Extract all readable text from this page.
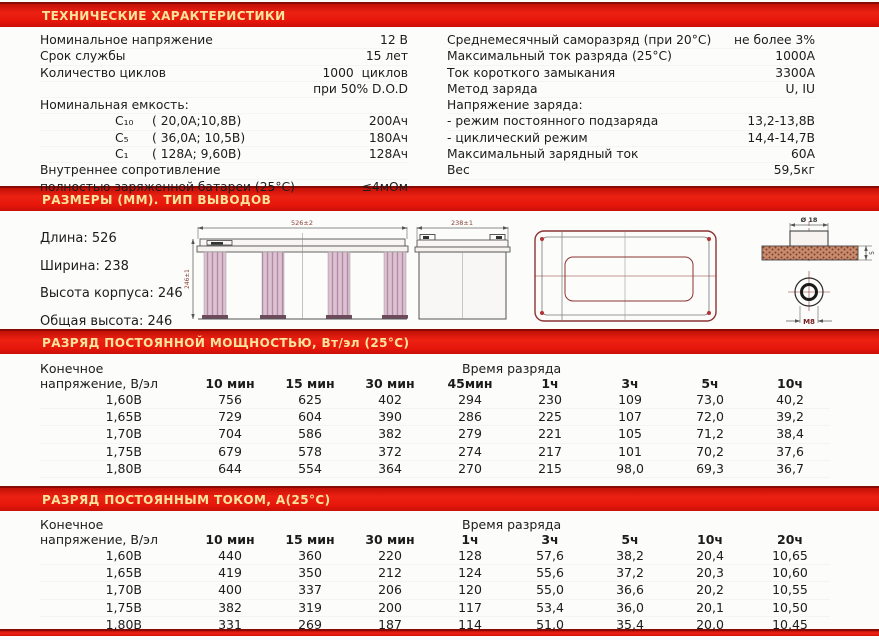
ТЕХНИЧЕСКИЕ ХАРАКТЕРИСТИКИ
Номинальное напряжение	12 В
Срок службы	15 лет
Количество циклов	1000  циклов
при 50% D.O.D
Номинальная емкость:
C₁₀ ( 20,0А;10,8В)	200Ач
C₅ ( 36,0А; 10,5В)	180Ач
C₁ ( 128А; 9,60В)	128Ач
Внутреннее сопротивление
полностью заряженной батареи (25°С)	≤4мОм
Среднемесячный саморазряд (при 20°С) не более 3%
Максимальный ток разряда (25°С)	1000А
Ток короткого замыкания	3300А
Метод заряда	U, IU
Напряжение заряда:
- режим постоянного подзаряда	13,2-13,8В
- циклический режим	14,4-14,7В
Максимальный зарядный ток	60А
Вес	59,5кг
РАЗМЕРЫ (ММ). ТИП ВЫВОДОВ
Длина: 526
Ширина: 238
Высота корпуса: 246
Общая высота: 246
526±2
246±1
238±1	Ø 18
5
M8
РАЗРЯД ПОСТОЯННОЙ МОЩНОСТЬЮ, Вт/эл (25°С)
Конечное	Время разряда
напряжение, В/эл	10 мин	15 мин	30 мин	45мин	1ч	3ч	5ч	10ч
1,60В	756	625	402	294	230	109	73,0	40,2
1,65В	729	604	390	286	225	107	72,0	39,2
1,70В	704	586	382	279	221	105	71,2	38,4
1,75В	679	578	372	274	217	101	70,2	37,6
1,80В	644	554	364	270	215	98,0	69,3	36,7
РАЗРЯД ПОСТОЯННЫМ ТОКОМ, А(25°С)
Конечное	Время разряда
напряжение, В/эл	10 мин	15 мин	30 мин	1ч	3ч	5ч	10ч	20ч
1,60В	440	360	220	128	57,6	38,2	20,4	10,65
1,65В	419	350	212	124	55,6	37,2	20,3	10,60
1,70В	400	337	206	120	55,0	36,6	20,2	10,55
1,75В	382	319	200	117	53,4	36,0	20,1	10,50
1,80В	331	269	187	114	51,0	35,4	20,0	10,45
